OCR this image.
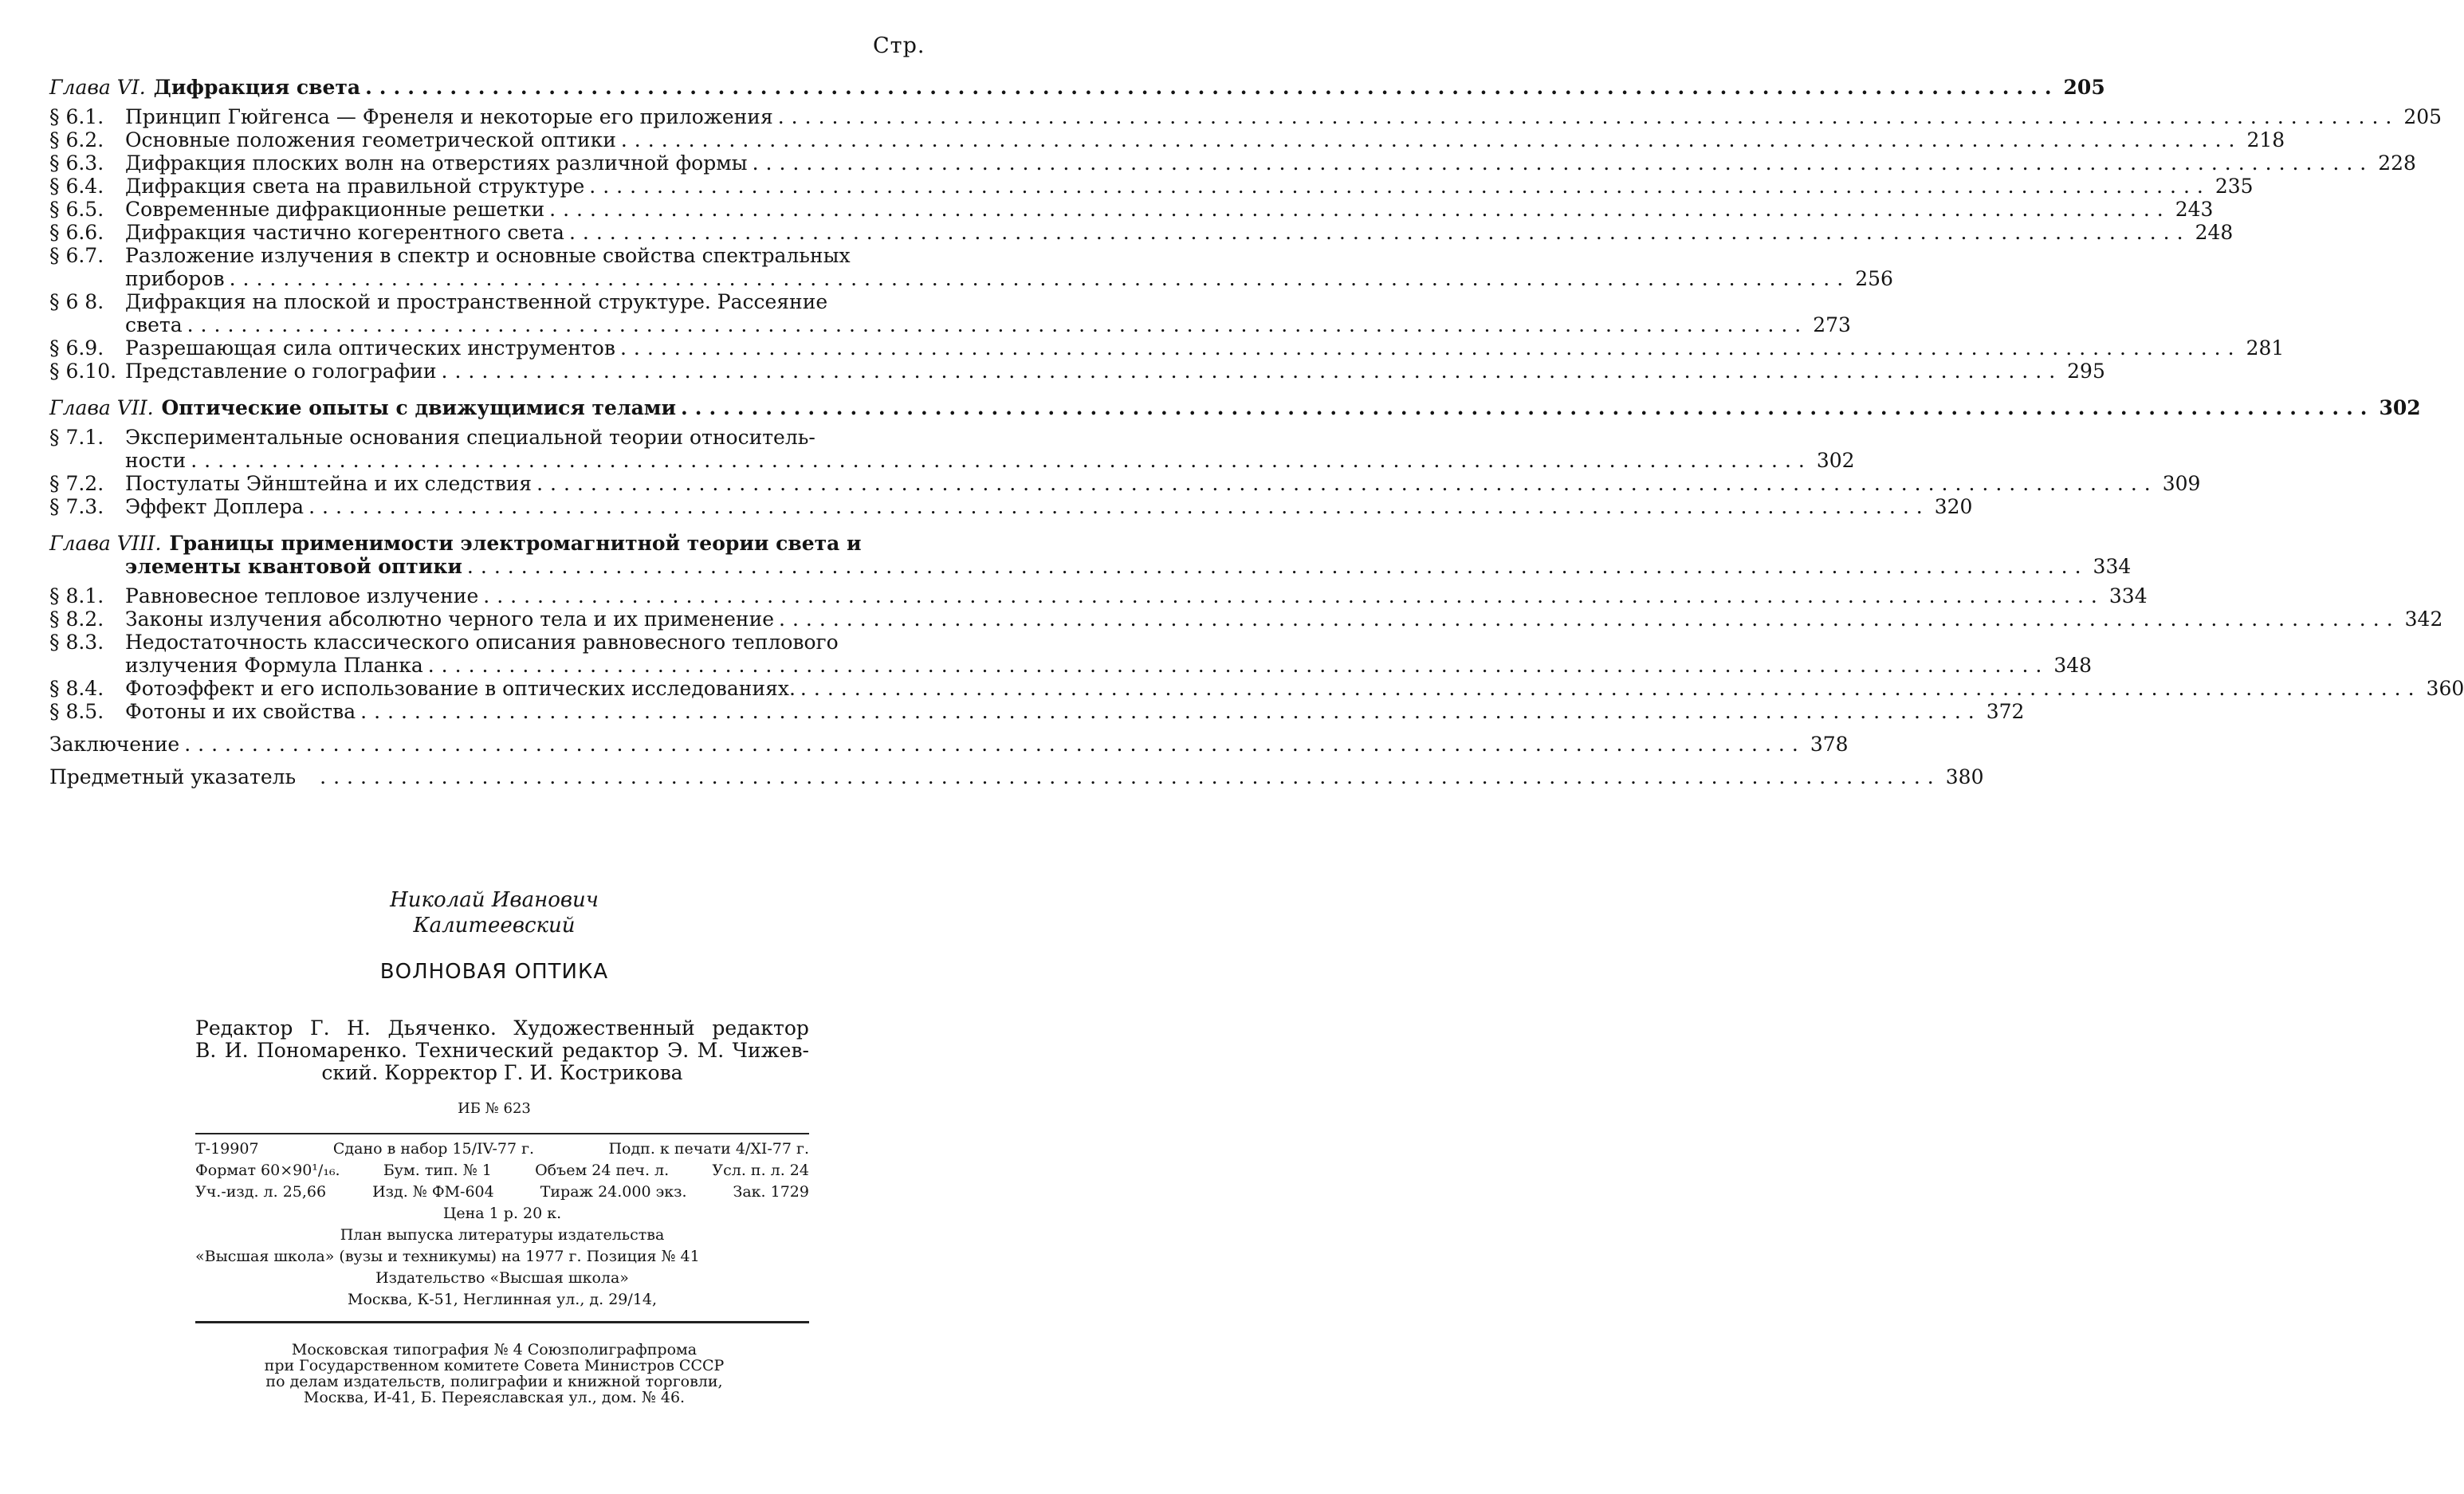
Стр.
Глава VI. Дифракция света ........................................................................................................................ 205
§ 6.1.	Принцип Гюйгенса — Френеля и некоторые его приложения ........................................................................................................................ 205
§ 6.2.	Основные положения геометрической оптики ........................................................................................................................ 218
§ 6.3.	Дифракция плоских волн на отверстиях различной формы ........................................................................................................................ 228
§ 6.4.	Дифракция света на правильной структуре ........................................................................................................................ 235
§ 6.5.	Современные дифракционные решетки ........................................................................................................................ 243
§ 6.6.	Дифракция частично когерентного света ........................................................................................................................ 248
§ 6.7.	Разложение излучения в спектр и основные свойства спектральных
приборов ........................................................................................................................ 256
§ 6 8.	Дифракция на плоской и пространственной структуре. Рассеяние
света ........................................................................................................................ 273
§ 6.9.	Разрешающая сила оптических инструментов ........................................................................................................................ 281
§ 6.10. Представление о голографии ........................................................................................................................ 295
Глава VII. Оптические опыты с движущимися телами ........................................................................................................................ 302
§ 7.1.	Экспериментальные основания специальной теории относитель-
ности ........................................................................................................................ 302
§ 7.2.	Постулаты Эйнштейна и их следствия ........................................................................................................................ 309
§ 7.3.	Эффект Доплера ........................................................................................................................ 320
Глава VIII. Границы применимости электромагнитной теории света и
элементы квантовой оптики ........................................................................................................................ 334
§ 8.1.	Равновесное тепловое излучение ........................................................................................................................ 334
§ 8.2.	Законы излучения абсолютно черного тела и их применение ........................................................................................................................ 342
§ 8.3.	Недостаточность классического описания равновесного теплового
излучения Формула Планка ........................................................................................................................ 348
§ 8.4.	Фотоэффект и его использование в оптических исследованиях. ........................................................................................................................ 360
§ 8.5.	Фотоны и их свойства ........................................................................................................................ 372
Заключение ........................................................................................................................ 378
Предметный указатель ........................................................................................................................ 380
Николай Иванович
Калитеевский
ВОЛНОВАЯ ОПТИКА
Редактор Г. Н. Дьяченко. Художественный редактор
В. И. Пономаренко. Технический редактор Э. М. Чижев-
ский. Корректор Г. И. Кострикова
ИБ № 623
Т-19907	Сдано в набор 15/IV-77 г.	Подп. к печати 4/XI-77 г.
Формат 60×90¹/₁₆.	Бум. тип. № 1	Объем 24 печ. л.	Усл. п. л. 24
Уч.-изд. л. 25,66	Изд. № ФМ-604	Тираж 24.000 экз.	Зак. 1729
Цена 1 р. 20 к.
План выпуска литературы издательства
«Высшая школа» (вузы и техникумы) на 1977 г. Позиция № 41
Издательство «Высшая школа»
Москва, К-51, Неглинная ул., д. 29/14,
Московская типография № 4 Союзполиграфпрома
при Государственном комитете Совета Министров СССР
по делам издательств, полиграфии и книжной торговли,
Москва, И-41, Б. Переяславская ул., дом. № 46.
